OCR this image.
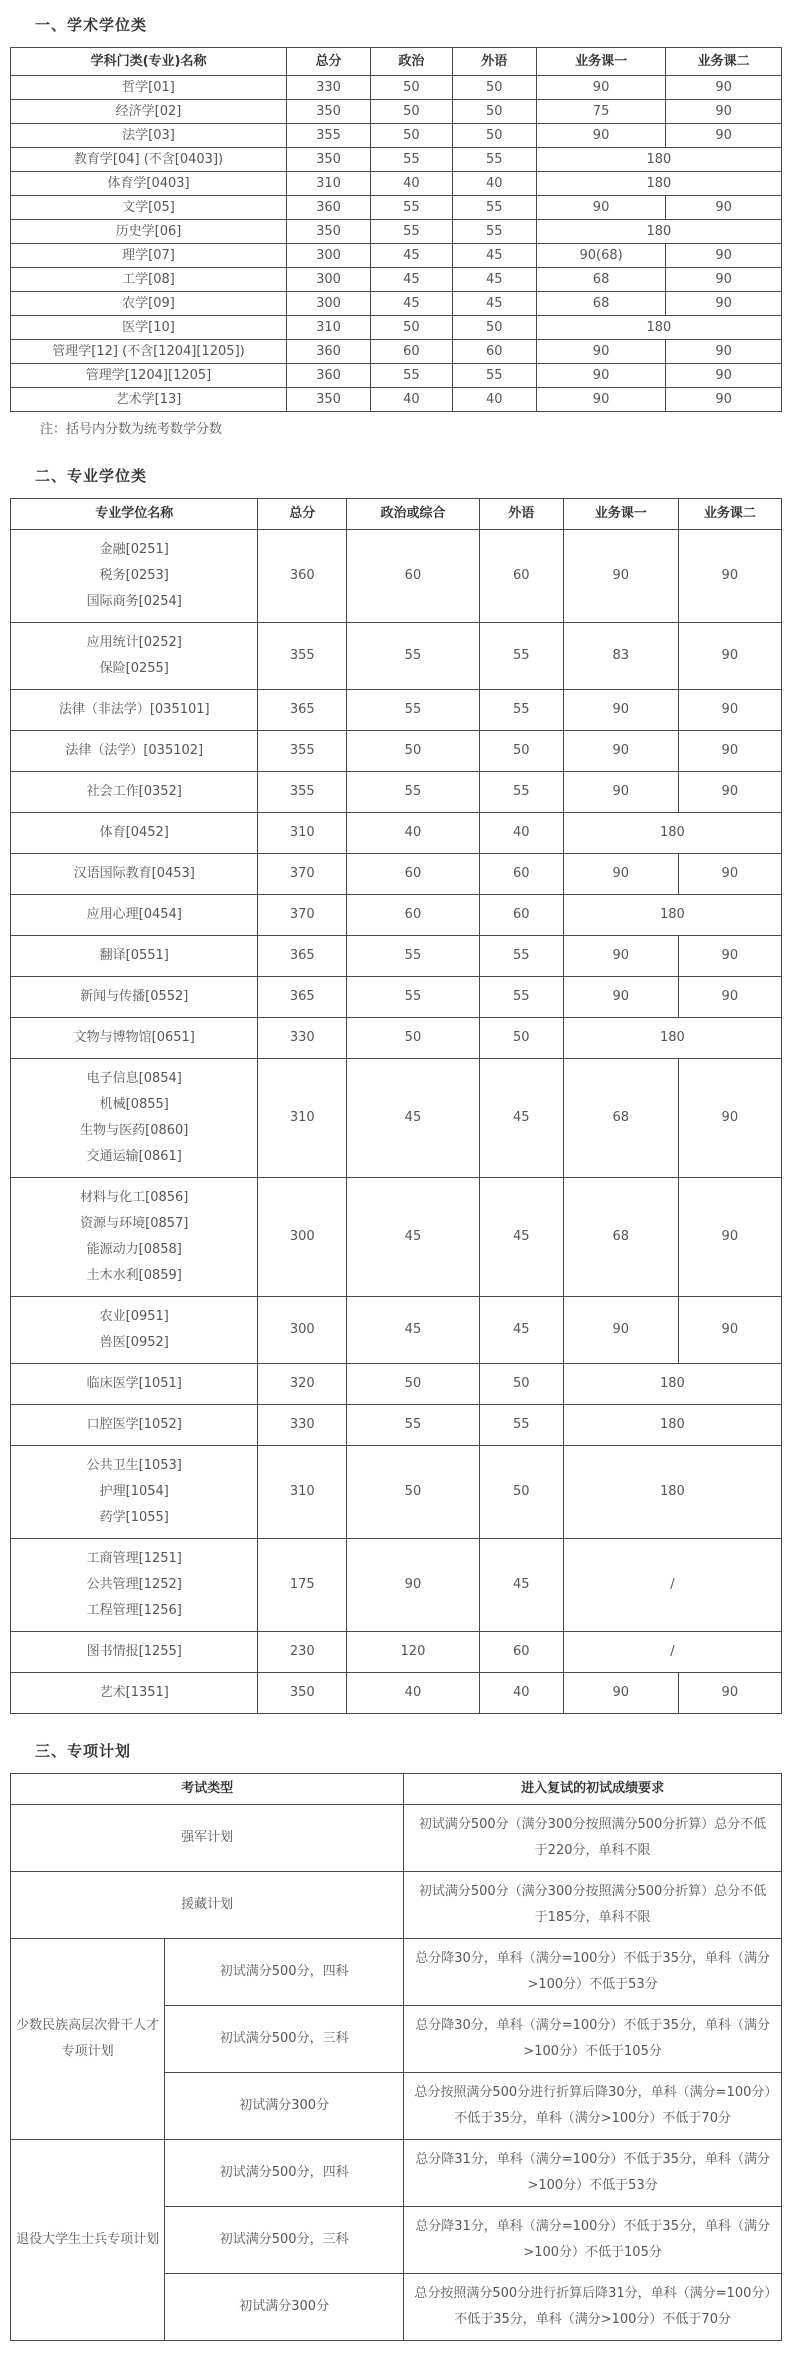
一、学术学位类
学科门类(专业)名称	总分	政治	外语	业务课一	业务课二

哲学[01]	330	50	50	90	90

经济学[02]	350	50	50	75	90

法学[03]	355	50	50	90	90

教育学[04] (不含[0403])	350	55	55	180	

体育学[0403]	310	40	40	180	

文学[05]	360	55	55	90	90

历史学[06]	350	55	55	180	

理学[07]	300	45	45	90(68)	90

工学[08]	300	45	45	68	90

农学[09]	300	45	45	68	90

医学[10]	310	50	50	180	

管理学[12] (不含[1204][1205])	360	60	60	90	90

管理学[1204][1205]	360	55	55	90	90

艺术学[13]	350	40	40	90	90

注：括号内分数为统考数学分数

二、专业学位类
专业学位名称	总分	政治或综合	外语	业务课一	业务课二

金融[0251]
税务[0253]
国际商务[0254]	360	60	60	90	90

应用统计[0252]
保险[0255]	355	55	55	83	90

法律（非法学）[035101]	365	55	55	90	90

法律（法学）[035102]	355	50	50	90	90

社会工作[0352]	355	55	55	90	90

体育[0452]	310	40	40	180	

汉语国际教育[0453]	370	60	60	90	90

应用心理[0454]	370	60	60	180	

翻译[0551]	365	55	55	90	90

新闻与传播[0552]	365	55	55	90	90

文物与博物馆[0651]	330	50	50	180	

电子信息[0854]
机械[0855]
生物与医药[0860]
交通运输[0861]	310	45	45	68	90

材料与化工[0856]
资源与环境[0857]
能源动力[0858]
土木水利[0859]	300	45	45	68	90

农业[0951]
兽医[0952]	300	45	45	90	90

临床医学[1051]	320	50	50	180	

口腔医学[1052]	330	55	55	180	

公共卫生[1053]
护理[1054]
药学[1055]	310	50	50	180	

工商管理[1251]
公共管理[1252]
工程管理[1256]	175	90	45	/	

图书情报[1255]	230	120	60	/	

艺术[1351]	350	40	40	90	90
三、专项计划
考试类型		进入复试的初试成绩要求
强军计划		初试满分500分（满分300分按照满分500分折算）总分不低于220分，单科不限
援藏计划		初试满分500分（满分300分按照满分500分折算）总分不低于185分，单科不限
少数民族高层次骨干人才专项计划	初试满分500分，四科	总分降30分，单科（满分=100分）不低于35分，单科（满分>100分）不低于53分
	初试满分500分，三科	总分降30分，单科（满分=100分）不低于35分，单科（满分>100分）不低于105分
	初试满分300分	总分按照满分500分进行折算后降30分，单科（满分=100分）不低于35分，单科（满分>100分）不低于70分
退役大学生士兵专项计划	初试满分500分，四科	总分降31分，单科（满分=100分）不低于35分，单科（满分>100分）不低于53分
	初试满分500分，三科	总分降31分，单科（满分=100分）不低于35分，单科（满分>100分）不低于105分
	初试满分300分	总分按照满分500分进行折算后降31分，单科（满分=100分）不低于35分，单科（满分>100分）不低于70分
